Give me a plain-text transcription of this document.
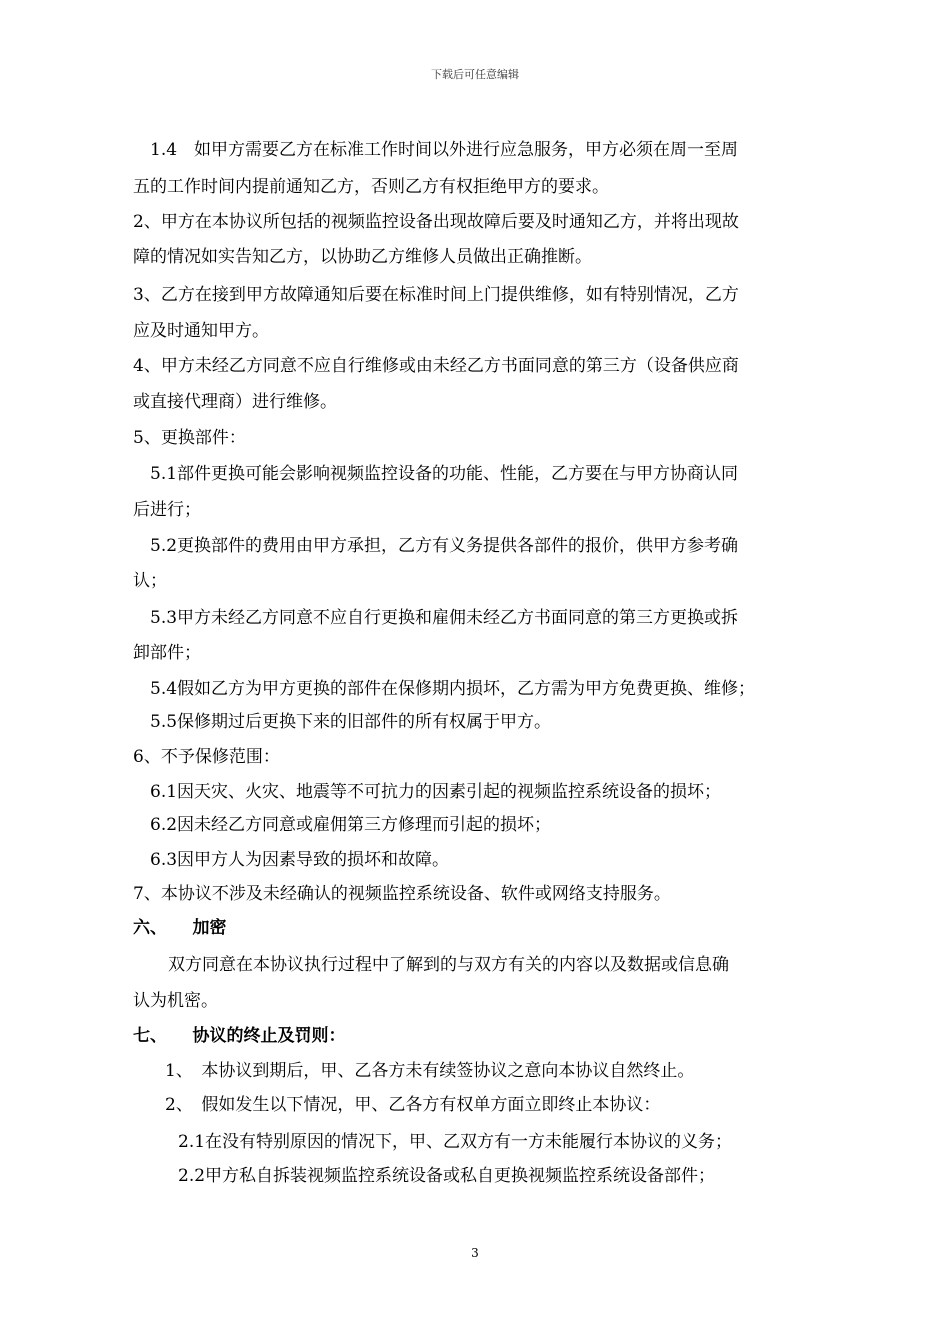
下载后可任意编辑
1.4　如甲方需要乙方在标准工作时间以外进行应急服务，甲方必须在周一至周
五的工作时间内提前通知乙方，否则乙方有权拒绝甲方的要求。
2、甲方在本协议所包括的视频监控设备出现故障后要及时通知乙方，并将出现故
障的情况如实告知乙方，以协助乙方维修人员做出正确推断。
3、乙方在接到甲方故障通知后要在标准时间上门提供维修，如有特别情况，乙方
应及时通知甲方。
4、甲方未经乙方同意不应自行维修或由未经乙方书面同意的第三方（设备供应商
或直接代理商）进行维修。
5、更换部件：
5.1部件更换可能会影响视频监控设备的功能、性能，乙方要在与甲方协商认同
后进行；
5.2更换部件的费用由甲方承担，乙方有义务提供各部件的报价，供甲方参考确
认；
5.3甲方未经乙方同意不应自行更换和雇佣未经乙方书面同意的第三方更换或拆
卸部件；
5.4假如乙方为甲方更换的部件在保修期内损坏，乙方需为甲方免费更换、维修；
5.5保修期过后更换下来的旧部件的所有权属于甲方。
6、不予保修范围：
6.1因天灾、火灾、地震等不可抗力的因素引起的视频监控系统设备的损坏；
6.2因未经乙方同意或雇佣第三方修理而引起的损坏；
6.3因甲方人为因素导致的损坏和故障。
7、本协议不涉及未经确认的视频监控系统设备、软件或网络支持服务。
六、　　加密
双方同意在本协议执行过程中了解到的与双方有关的内容以及数据或信息确
认为机密。
七、　　协议的终止及罚则：
1、　本协议到期后，甲、乙各方未有续签协议之意向本协议自然终止。
2、　假如发生以下情况，甲、乙各方有权单方面立即终止本协议：
2.1在没有特别原因的情况下，甲、乙双方有一方未能履行本协议的义务；
2.2甲方私自拆装视频监控系统设备或私自更换视频监控系统设备部件；
3
